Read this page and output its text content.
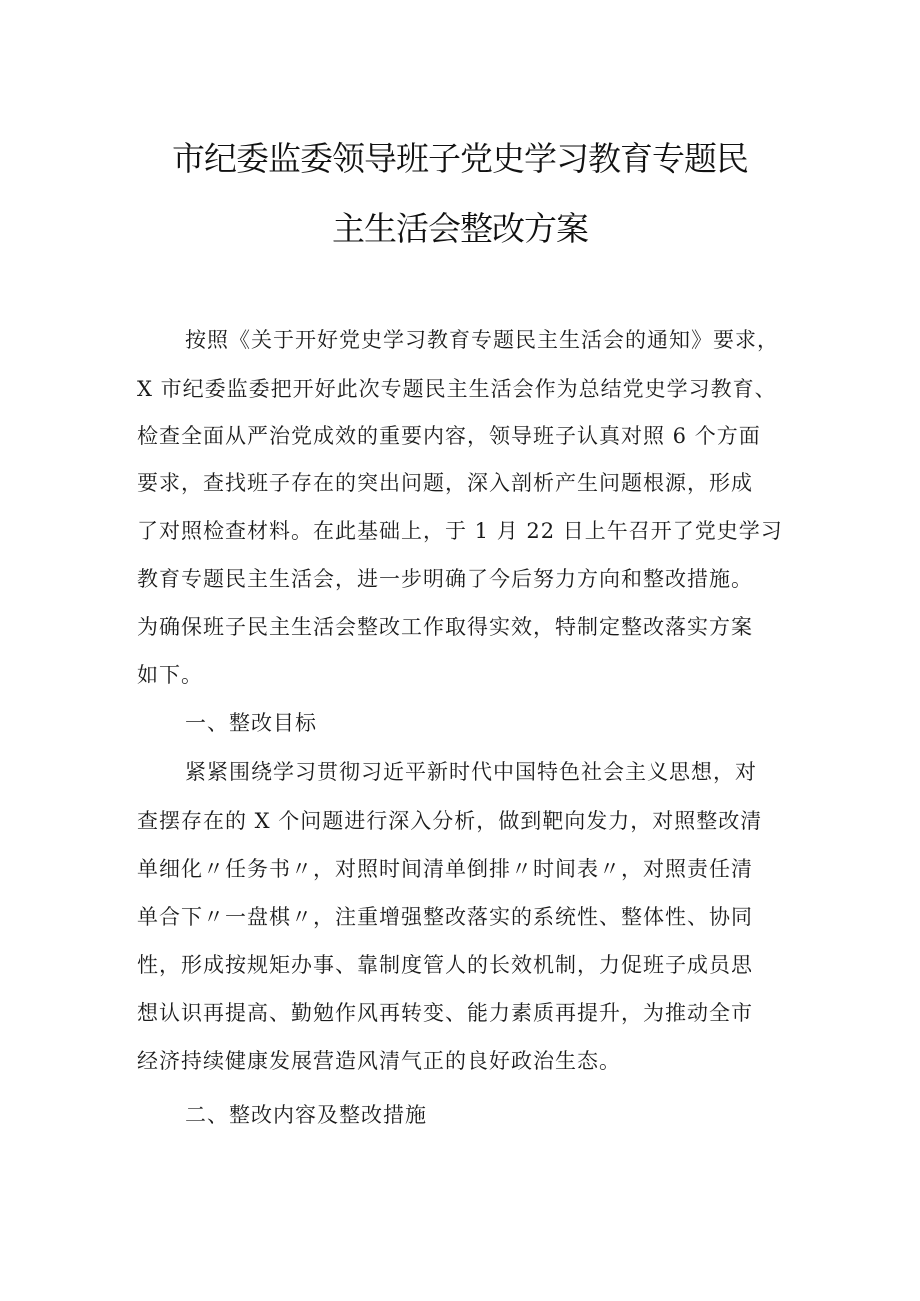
市纪委监委领导班子党史学习教育专题民
主生活会整改方案
按照《关于开好党史学习教育专题民主生活会的通知》要求，
X 市纪委监委把开好此次专题民主生活会作为总结党史学习教育、
检查全面从严治党成效的重要内容，领导班子认真对照 6 个方面
要求，查找班子存在的突出问题，深入剖析产生问题根源，形成
了对照检查材料。在此基础上，于 1 月 22 日上午召开了党史学习
教育专题民主生活会，进一步明确了今后努力方向和整改措施。
为确保班子民主生活会整改工作取得实效，特制定整改落实方案
如下。
一、整改目标
紧紧围绕学习贯彻习近平新时代中国特色社会主义思想，对
查摆存在的 X 个问题进行深入分析，做到靶向发力，对照整改清
单细化〃任务书〃，对照时间清单倒排〃时间表〃，对照责任清
单合下〃一盘棋〃，注重增强整改落实的系统性、整体性、协同
性，形成按规矩办事、靠制度管人的长效机制，力促班子成员思
想认识再提高、勤勉作风再转变、能力素质再提升，为推动全市
经济持续健康发展营造风清气正的良好政治生态。
二、整改内容及整改措施
